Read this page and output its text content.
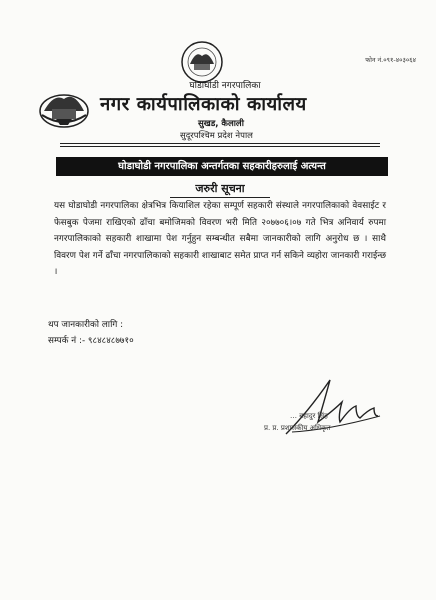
फोन नं.०९१-४०३०६४
घोडाघोडी नगरपालिका
नगर कार्यपालिकाको कार्यालय
सुखड, कैलाली
सुदूरपश्चिम प्रदेश नेपाल
घोडाघोडी नगरपालिका अन्तर्गतका सहकारीहरुलाई अत्यन्त
जरुरी सूचना
यस घोडाघोडी नगरपालिका क्षेत्रभित्र कियाशिल रहेका सम्पूर्ण सहकारी संस्थाले नगरपालिकाको वेवसाईट र फेसबुक पेजमा राखिएको ढाँचा बमोजिमको विवरण भरी मिति २०७७०६।०७ गते भित्र अनिवार्य रुपमा नगरपालिकाको सहकारी शाखामा पेश गर्नुहुन सम्बन्धीत सबैमा जानकारीको लागि अनुरोध छ । साथै विवरण पेश गर्ने ढाँचा नगरपालिकाको सहकारी शाखाबाट समेत प्राप्त गर्न सकिने व्यहोरा जानकारी गराईन्छ ।
थप जानकारीको लागि :
सम्पर्क नं :- ९८४८४८७७१०
… बहादुर सिंह
प्र. प्र. प्रशासकीय अधिकृत
